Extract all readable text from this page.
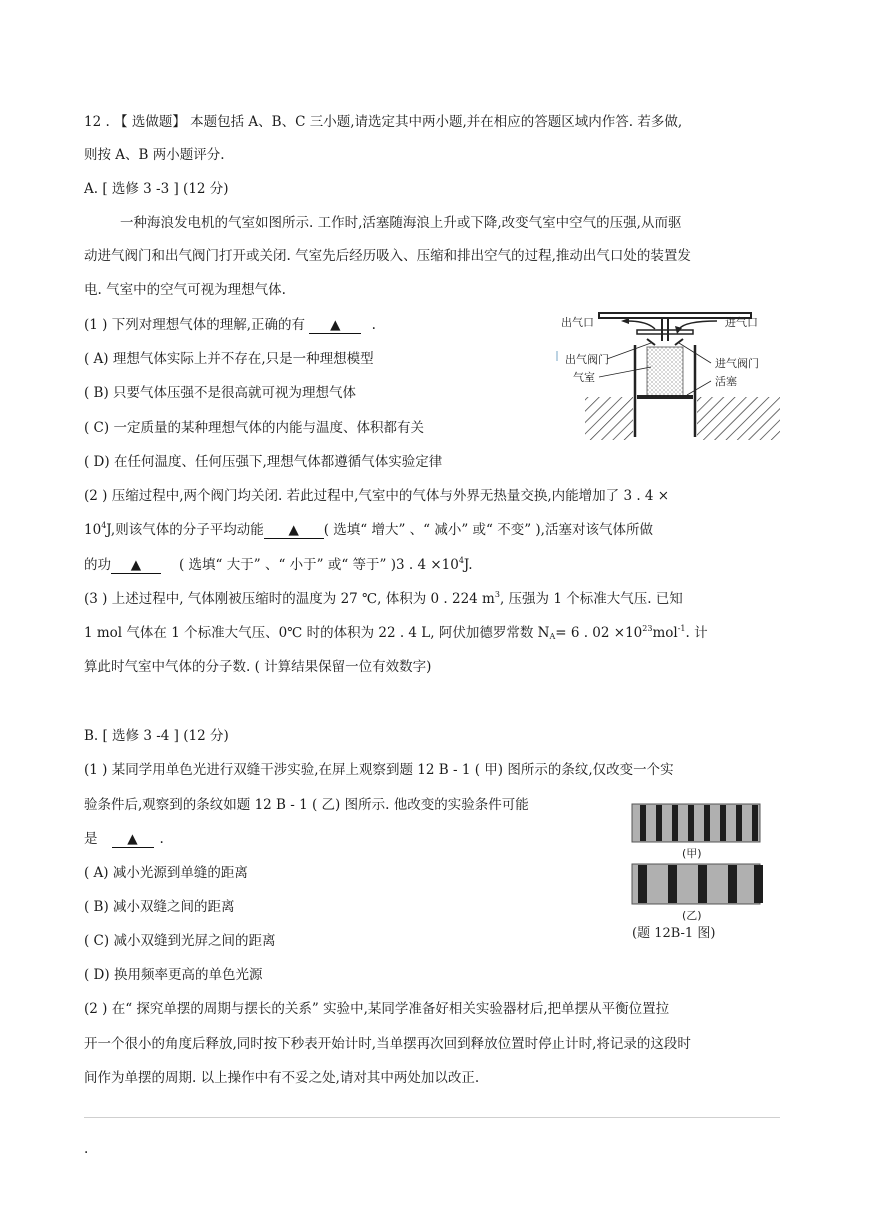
12 . 【 选做题】 本题包括 A、B、C 三小题,请选定其中两小题,并在相应的答题区域内作答. 若多做,
则按 A、B 两小题评分.
A. [ 选修 3 -3 ] (12 分)
一种海浪发电机的气室如图所示. 工作时,活塞随海浪上升或下降,改变气室中空气的压强,从而驱
动进气阀门和出气阀门打开或关闭. 气室先后经历吸入、压缩和排出空气的过程,推动出气口处的装置发
电. 气室中的空气可视为理想气体.
(1 ) 下列对理想气体的理解,正确的有 ▲ .
( A) 理想气体实际上并不存在,只是一种理想模型
( B) 只要气体压强不是很高就可视为理想气体
( C) 一定质量的某种理想气体的内能与温度、体积都有关
( D) 在任何温度、任何压强下,理想气体都遵循气体实验定律
(2 ) 压缩过程中,两个阀门均关闭. 若此过程中,气室中的气体与外界无热量交换,内能增加了 3 . 4 ×
$10^4J$,则该气体的分子平均动能 ▲ ( 选填“ 增大” 、“ 减小” 或“ 不变” ),活塞对该气体所做
的功 ▲	( 选填“ 大于” 、“ 小于” 或“ 等于” )3 . $4 \times 10^4J$.
(3 ) 上述过程中, 气体刚被压缩时的温度为 27 ℃, 体积为 0 . 224 $m^3$, 压强为 1 个标准大气压. 已知
1 mol 气体在 1 个标准大气压、0℃ 时的体积为 22 . 4 L, 阿伏加德罗常数 $N_A= 6$ . $02 \times 10^{23}mol^{-1}$. 计
算此时气室中气体的分子数. ( 计算结果保留一位有效数字)
B. [ 选修 3 -4 ] (12 分)
(1 ) 某同学用单色光进行双缝干涉实验,在屏上观察到题 12 B - 1 ( 甲) 图所示的条纹,仅改变一个实
验条件后,观察到的条纹如题 12 B - 1 ( 乙) 图所示. 他改变的实验条件可能
是 ▲ .
( A) 减小光源到单缝的距离
( B) 减小双缝之间的距离
( C) 减小双缝到光屏之间的距离
( D) 换用频率更高的单色光源
(2 ) 在“ 探究单摆的周期与摆长的关系” 实验中,某同学准备好相关实验器材后,把单摆从平衡位置拉
开一个很小的角度后释放,同时按下秒表开始计时,当单摆再次回到释放位置时停止计时,将记录的这段时
间作为单摆的周期. 以上操作中有不妥之处,请对其中两处加以改正.
.
出气口	进气口
出气阀门
气室
进气阀门
活塞
(甲)
(乙)
(题 12B-1 图)
